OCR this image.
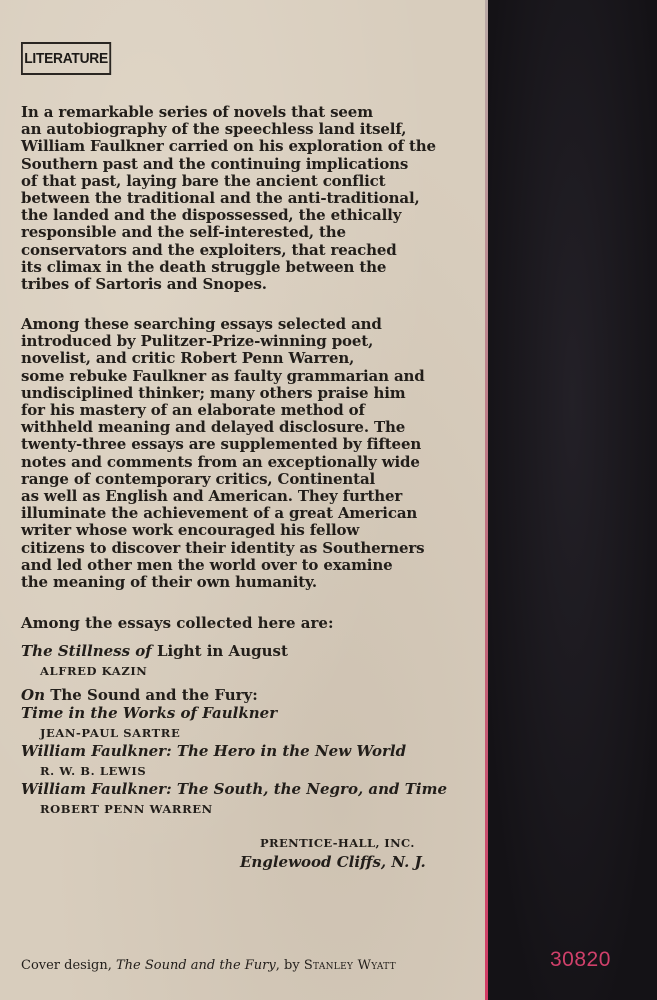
LITERATURE
In a remarkable series of novels that seem
an autobiography of the speechless land itself,
William Faulkner carried on his exploration of the
Southern past and the continuing implications
of that past, laying bare the ancient conflict
between the traditional and the anti-traditional,
the landed and the dispossessed, the ethically
responsible and the self-interested, the
conservators and the exploiters, that reached
its climax in the death struggle between the
tribes of Sartoris and Snopes.
Among these searching essays selected and
introduced by Pulitzer-Prize-winning poet,
novelist, and critic Robert Penn Warren,
some rebuke Faulkner as faulty grammarian and
undisciplined thinker; many others praise him
for his mastery of an elaborate method of
withheld meaning and delayed disclosure. The
twenty-three essays are supplemented by fifteen
notes and comments from an exceptionally wide
range of contemporary critics, Continental
as well as English and American. They further
illuminate the achievement of a great American
writer whose work encouraged his fellow
citizens to discover their identity as Southerners
and led other men the world over to examine
the meaning of their own humanity.
Among the essays collected here are:
The Stillness of Light in August
ALFRED KAZIN
On The Sound and the Fury:
Time in the Works of Faulkner
JEAN-PAUL SARTRE
William Faulkner: The Hero in the New World
R. W. B. LEWIS
William Faulkner: The South, the Negro, and Time
ROBERT PENN WARREN
PRENTICE-HALL, INC.
Englewood Cliffs, N. J.
Cover design, The Sound and the Fury, by Stanley Wyatt	30820
